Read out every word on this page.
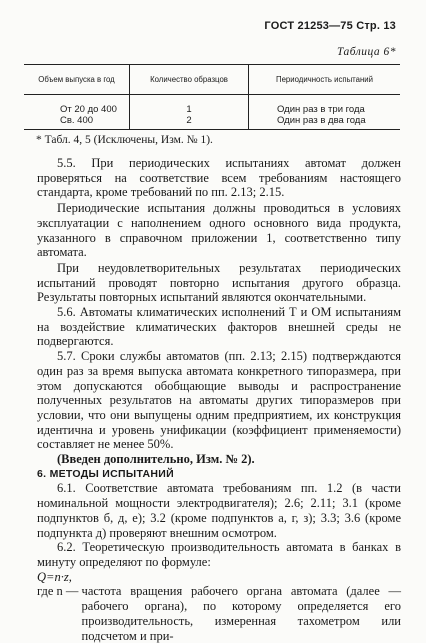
ГОСТ 21253—75 Стр. 13
Таблица 6*
Объем выпуска в год	Количество образцов	Периодичность испытаний
От 20 до 400	1	Один раз в три года
Св. 400	2	Один раз в два года
* Табл. 4, 5 (Исключены, Изм. № 1).

5.5. При периодических испытаниях автомат должен проверяться на соответствие всем требованиям настоящего стандарта, кроме требований по пп. 2.13; 2.15.

Периодические испытания должны проводиться в условиях эксплуатации с наполнением одного основного вида продукта, указанного в справочном приложении 1, соответственно типу автомата.

При неудовлетворительных результатах периодических испытаний проводят повторно испытания другого образца. Результаты повторных испытаний являются окончательными.

5.6. Автоматы климатических исполнений Т и ОМ испытаниям на воздействие климатических факторов внешней среды не подвергаются.

5.7. Сроки службы автоматов (пп. 2.13; 2.15) подтверждаются один раз за время выпуска автомата конкретного типоразмера, при этом допускаются обобщающие выводы и распространение полученных результатов на автоматы других типоразмеров при условии, что они выпущены одним предприятием, их конструкция идентична и уровень унификации (коэффициент применяемости) составляет не менее 50%.

(Введен дополнительно, Изм. № 2).

6. МЕТОДЫ ИСПЫТАНИЙ

6.1. Соответствие автомата требованиям пп. 1.2 (в части номинальной мощности электродвигателя); 2.6; 2.11; 3.1 (кроме подпунктов б, д, е); 3.2 (кроме подпунктов а, г, з); 3.3; 3.6 (кроме подпункта д) проверяют внешним осмотром.

6.2. Теоретическую производительность автомата в банках в минуту определяют по формуле:

Q=n·z,

где n —
частота вращения рабочего органа автомата (далее — рабочего органа), по которому определяется его производительность, измеренная тахометром или подсчетом и при-
